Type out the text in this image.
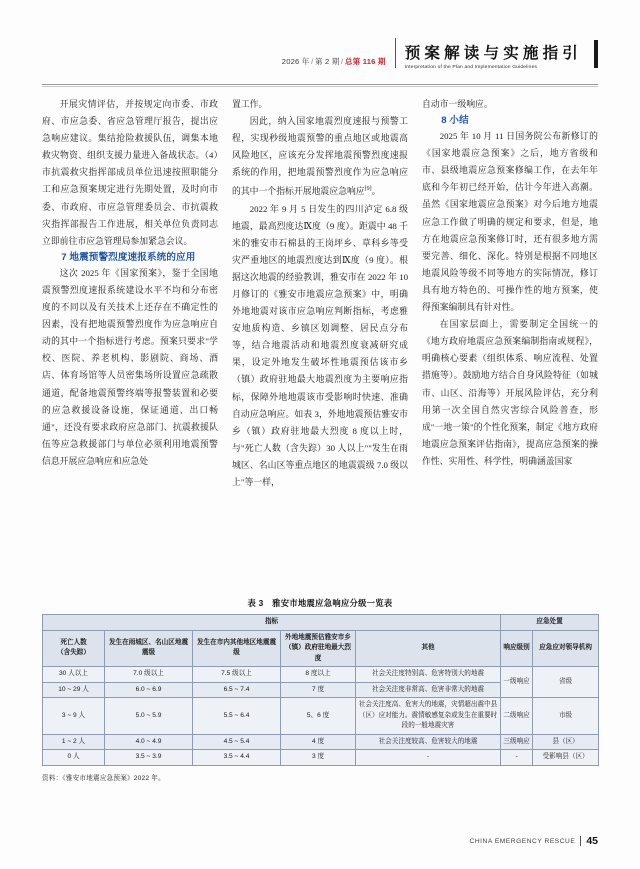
2026 年 / 第 2 期 / 总第 116 期 预案解读与实施指引
Interpretation of the Plan and Implementation Guidelines

开展灾情评估，并按规定向市委、市政府、市应急委、省应急管理厅报告，提出应急响应建议。集结抢险救援队伍，调集本地救灾物资、组织支援力量进入备战状态。（4）市抗震救灾指挥部成员单位迅速按照职能分工和应急预案规定进行先期处置，及时向市委、市政府、市应急管理委员会、市抗震救灾指挥部报告工作进展，相关单位负责同志立即前往市应急管理局参加紧急会议。

7 地震预警烈度速报系统的应用

这次 2025 年《国家预案》，鉴于全国地震预警烈度速报系统建设水平不均和分布密度的不同以及有关技术上还存在不确定性的因素，没有把地震预警烈度作为应急响应自动的其中一个指标进行考虑。预案只要求"学校、医院、养老机构、影剧院、商场、酒店、体育场馆等人员密集场所设置应急疏散通道，配备地震预警终端等报警装置和必要的应急救援设备设施，保证通道、出口畅通"，还没有要求政府应急部门、抗震救援队伍等应急救援部门与单位必须利用地震预警信息开展应急响应和应急处

置工作。

因此，纳入国家地震烈度速报与预警工程，实现秒级地震预警的重点地区或地震高风险地区，应该充分发挥地震预警烈度速报系统的作用，把地震预警烈度作为应急响应的其中一个指标开展地震应急响应[9]。

2022 年 9 月 5 日发生的四川泸定 6.8 级地震，最高烈度达Ⅸ度（9 度）。距震中 48 千米的雅安市石棉县的王岗坪乡、草科乡等受灾严重地区的地震烈度达到Ⅸ度（9 度）。根据这次地震的经验教训，雅安市在 2022 年 10 月修订的《雅安市地震应急预案》中，明确外地地震对该市应急响应判断指标，考虑雅安地质构造、乡镇区划调整、居民点分布等，结合地震活动和地震烈度衰减研究成果，设定外地发生破坏性地震预估该市乡（镇）政府驻地最大地震烈度为主要响应指标，保障外地地震该市受影响时快速、准确自动应急响应。如表 3，外地地震预估雅安市乡（镇）政府驻地最大烈度 8 度以上时，与"死亡人数（含失踪）30 人以上""发生在雨城区、名山区等重点地区的地震震级 7.0 级以上"等一样，

自动市一级响应。

8 小结

2025 年 10 月 11 日国务院公布新修订的《国家地震应急预案》之后，地方省级和市、县级地震应急预案修编工作，在去年年底和今年初已经开始，估计今年进入高潮。虽然《国家地震应急预案》对今后地方地震应急工作做了明确的规定和要求，但是，地方在地震应急预案修订时，还有很多地方需要完善、细化、深化。特别是根据不同地区地震风险等级不同等地方的实际情况，修订具有地方特色的、可操作性的地方预案，使得预案编制具有针对性。

在国家层面上，需要制定全国统一的《地方政府地震应急预案编制指南或规程》，明确核心要素（组织体系、响应流程、处置措施等）。鼓励地方结合自身风险特征（如城市、山区、沿海等）开展风险评估，充分利用第一次全国自然灾害综合风险普查，形成"一地一策"的个性化预案，制定《地方政府地震应急预案评估指南》，提高应急预案的操作性、实用性、科学性，明确涵盖国家

表 3　雅安市地震应急响应分级一览表
指标					应急处置	
死亡人数
（含失踪）	发生在雨城区、名山区地震震级	发生在市内其他地区地震震级	外地地震预估雅安市乡（镇）政府驻地最大烈度	其他	响应级别	应急应对领导机构
30 人以上	7.0 级以上	7.5 级以上	8 度以上	社会关注度特别高、危害特别大的地震	一级响应	省级
10 ~ 29 人	6.0 ~ 6.9	6.5 ~ 7.4	7 度	社会关注度非常高、危害非常大的地震		
3 ~ 9 人	5.0 ~ 5.9	5.5 ~ 6.4	5、6 度	社会关注度高、危害大的地震，灾情超出震中县（区）应对能力。震情敏感复杂或发生在重要时段的一般地震灾害	二级响应	市级
1 ~ 2 人	4.0 ~ 4.9	4.5 ~ 5.4	4 度	社会关注度较高、危害较大的地震	三级响应	县（区）
0 人	3.5 ~ 3.9	3.5 ~ 4.4	3 度	-	-	受影响县（区）
资料：《雅安市地震应急预案》2022 年。
CHINA EMERGENCY RESCUE 45
